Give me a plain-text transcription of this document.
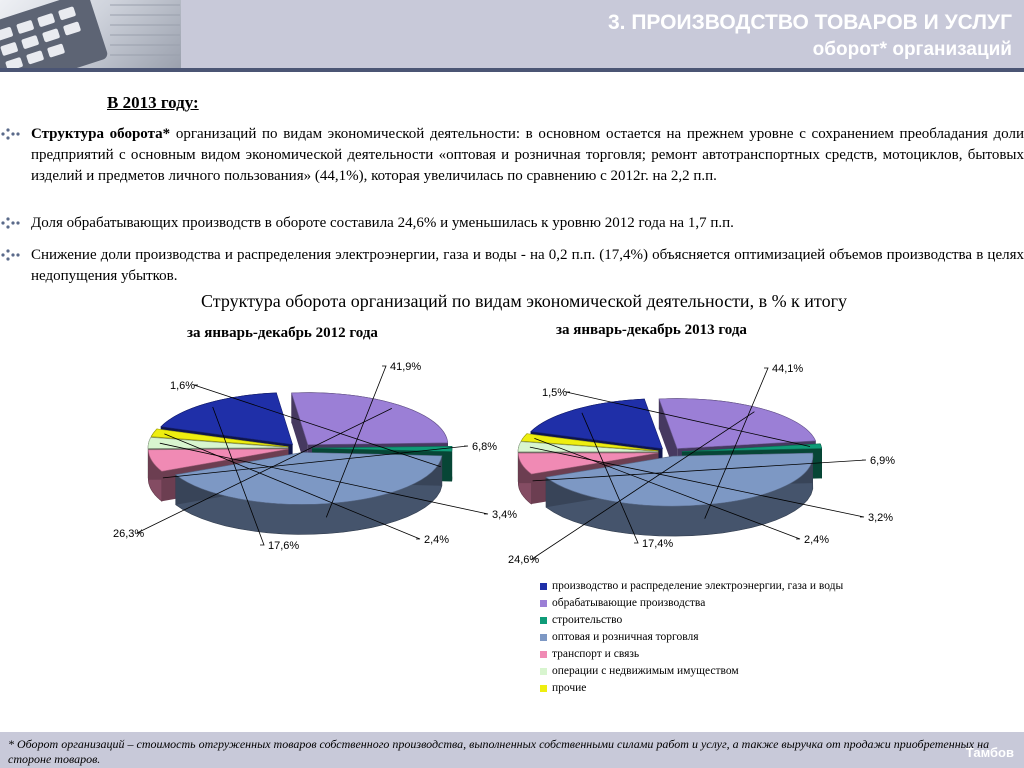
3. ПРОИЗВОДСТВО ТОВАРОВ И УСЛУГ
оборот* организаций
В 2013 году:
Структура оборота* организаций по видам экономической деятельности: в основном остается на прежнем уровне с сохранением преобладания доли предприятий с основным видом экономической деятельности «оптовая и розничная торговля; ремонт автотранспортных средств, мотоциклов, бытовых изделий и предметов личного пользования» (44,1%), которая увеличилась по сравнению с 2012г. на 2,2 п.п.
Доля обрабатывающих производств в обороте составила 24,6% и уменьшилась к уровню 2012 года на 1,7 п.п.
Снижение доли производства и распределения электроэнергии, газа и воды - на 0,2 п.п. (17,4%) объясняется оптимизацией объемов производства в целях недопущения убытков.
Структура оборота организаций по видам экономической деятельности, в % к итогу
за январь-декабрь 2012 года	за январь-декабрь 2013 года
17,6%
26,3%
1,6%
41,9%
6,8%
3,4%
2,4%	17,4%
24,6%
1,5%
44,1%
6,9%
3,2%
2,4%
производство и распределение электроэнергии, газа и воды
обрабатывающие производства
строительство
оптовая и розничная торговля
транспорт и связь
операции с недвижимым имуществом
прочие
* Оборот организаций – стоимость отгруженных товаров собственного производства, выполненных собственными силами работ и услуг, а также выручка от продажи приобретенных на стороне товаров.	Тамбов
